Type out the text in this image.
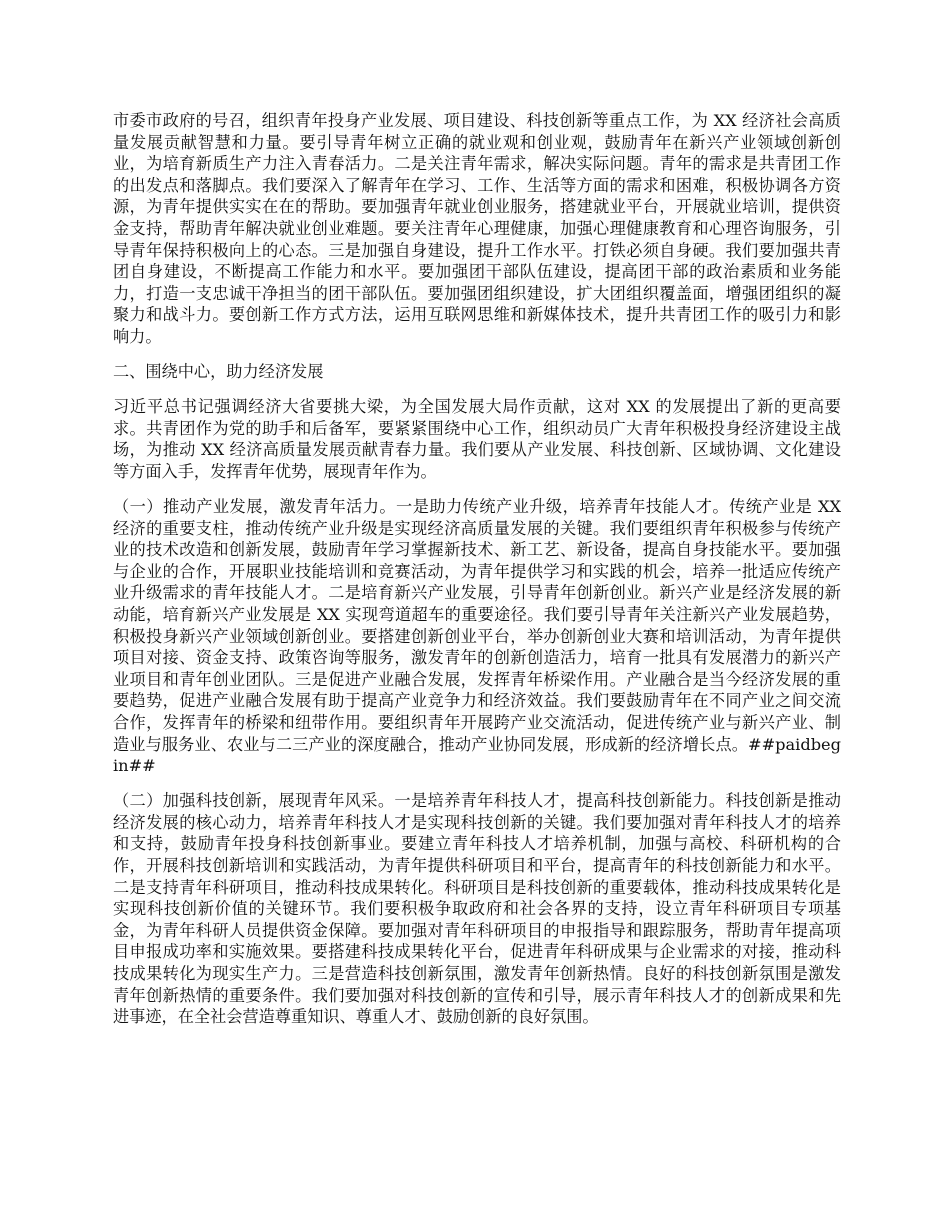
市委市政府的号召，组织青年投身产业发展、项目建设、科技创新等重点工作，为 XX 经济社会高质量发展贡献智慧和力量。要引导青年树立正确的就业观和创业观，鼓励青年在新兴产业领域创新创业，为培育新质生产力注入青春活力。二是关注青年需求，解决实际问题。青年的需求是共青团工作的出发点和落脚点。我们要深入了解青年在学习、工作、生活等方面的需求和困难，积极协调各方资源，为青年提供实实在在的帮助。要加强青年就业创业服务，搭建就业平台，开展就业培训，提供资金支持，帮助青年解决就业创业难题。要关注青年心理健康，加强心理健康教育和心理咨询服务，引导青年保持积极向上的心态。三是加强自身建设，提升工作水平。打铁必须自身硬。我们要加强共青团自身建设，不断提高工作能力和水平。要加强团干部队伍建设，提高团干部的政治素质和业务能力，打造一支忠诚干净担当的团干部队伍。要加强团组织建设，扩大团组织覆盖面，增强团组织的凝聚力和战斗力。要创新工作方式方法，运用互联网思维和新媒体技术，提升共青团工作的吸引力和影响力。

二、围绕中心，助力经济发展

习近平总书记强调经济大省要挑大梁，为全国发展大局作贡献，这对 XX 的发展提出了新的更高要求。共青团作为党的助手和后备军，要紧紧围绕中心工作，组织动员广大青年积极投身经济建设主战场，为推动 XX 经济高质量发展贡献青春力量。我们要从产业发展、科技创新、区域协调、文化建设等方面入手，发挥青年优势，展现青年作为。

（一）推动产业发展，激发青年活力。一是助力传统产业升级，培养青年技能人才。传统产业是 XX 经济的重要支柱，推动传统产业升级是实现经济高质量发展的关键。我们要组织青年积极参与传统产业的技术改造和创新发展，鼓励青年学习掌握新技术、新工艺、新设备，提高自身技能水平。要加强与企业的合作，开展职业技能培训和竞赛活动，为青年提供学习和实践的机会，培养一批适应传统产业升级需求的青年技能人才。二是培育新兴产业发展，引导青年创新创业。新兴产业是经济发展的新动能，培育新兴产业发展是 XX 实现弯道超车的重要途径。我们要引导青年关注新兴产业发展趋势，积极投身新兴产业领域创新创业。要搭建创新创业平台，举办创新创业大赛和培训活动，为青年提供项目对接、资金支持、政策咨询等服务，激发青年的创新创造活力，培育一批具有发展潜力的新兴产业项目和青年创业团队。三是促进产业融合发展，发挥青年桥梁作用。产业融合是当今经济发展的重要趋势，促进产业融合发展有助于提高产业竞争力和经济效益。我们要鼓励青年在不同产业之间交流合作，发挥青年的桥梁和纽带作用。要组织青年开展跨产业交流活动，促进传统产业与新兴产业、制造业与服务业、农业与二三产业的深度融合，推动产业协同发展，形成新的经济增长点。##paidbegin##

（二）加强科技创新，展现青年风采。一是培养青年科技人才，提高科技创新能力。科技创新是推动经济发展的核心动力，培养青年科技人才是实现科技创新的关键。我们要加强对青年科技人才的培养和支持，鼓励青年投身科技创新事业。要建立青年科技人才培养机制，加强与高校、科研机构的合作，开展科技创新培训和实践活动，为青年提供科研项目和平台，提高青年的科技创新能力和水平。二是支持青年科研项目，推动科技成果转化。科研项目是科技创新的重要载体，推动科技成果转化是实现科技创新价值的关键环节。我们要积极争取政府和社会各界的支持，设立青年科研项目专项基金，为青年科研人员提供资金保障。要加强对青年科研项目的申报指导和跟踪服务，帮助青年提高项目申报成功率和实施效果。要搭建科技成果转化平台，促进青年科研成果与企业需求的对接，推动科技成果转化为现实生产力。三是营造科技创新氛围，激发青年创新热情。良好的科技创新氛围是激发青年创新热情的重要条件。我们要加强对科技创新的宣传和引导，展示青年科技人才的创新成果和先进事迹，在全社会营造尊重知识、尊重人才、鼓励创新的良好氛围。
